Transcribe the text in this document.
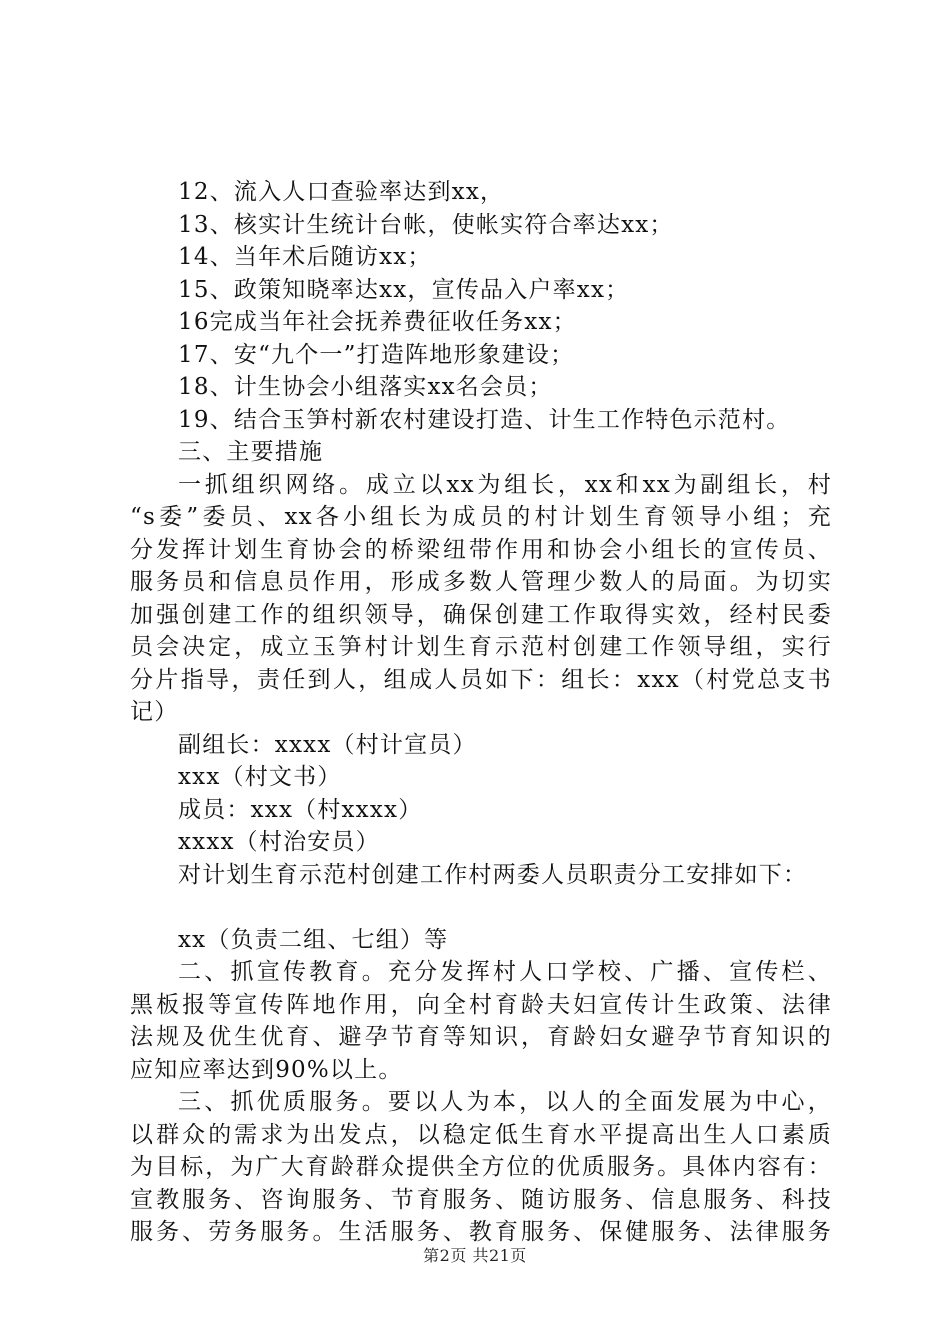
12、流入人口查验率达到xx，
13、核实计生统计台帐，使帐实符合率达xx；
14、当年术后随访xx；
15、政策知晓率达xx，宣传品入户率xx；
16完成当年社会抚养费征收任务xx；
17、安“九个一”打造阵地形象建设；
18、计生协会小组落实xx名会员；
19、结合玉笋村新农村建设打造、计生工作特色示范村。
三、主要措施
一抓组织网络。成立以xx为组长，xx和xx为副组长，村
“s委”委员、xx各小组长为成员的村计划生育领导小组；充
分发挥计划生育协会的桥梁纽带作用和协会小组长的宣传员、
服务员和信息员作用，形成多数人管理少数人的局面。为切实
加强创建工作的组织领导，确保创建工作取得实效，经村民委
员会决定，成立玉笋村计划生育示范村创建工作领导组，实行
分片指导，责任到人，组成人员如下：组长：xxx（村党总支书
记）
副组长：xxxx（村计宣员）
xxx（村文书）
成员：xxx（村xxxx）
xxxx（村治安员）
对计划生育示范村创建工作村两委人员职责分工安排如下：
xx（负责二组、七组）等
二、抓宣传教育。充分发挥村人口学校、广播、宣传栏、
黑板报等宣传阵地作用，向全村育龄夫妇宣传计生政策、法律
法规及优生优育、避孕节育等知识，育龄妇女避孕节育知识的
应知应率达到90%以上。
三、抓优质服务。要以人为本，以人的全面发展为中心，
以群众的需求为出发点，以稳定低生育水平提高出生人口素质
为目标，为广大育龄群众提供全方位的优质服务。具体内容有：
宣教服务、咨询服务、节育服务、随访服务、信息服务、科技
服务、劳务服务。生活服务、教育服务、保健服务、法律服务
第2页 共21页
